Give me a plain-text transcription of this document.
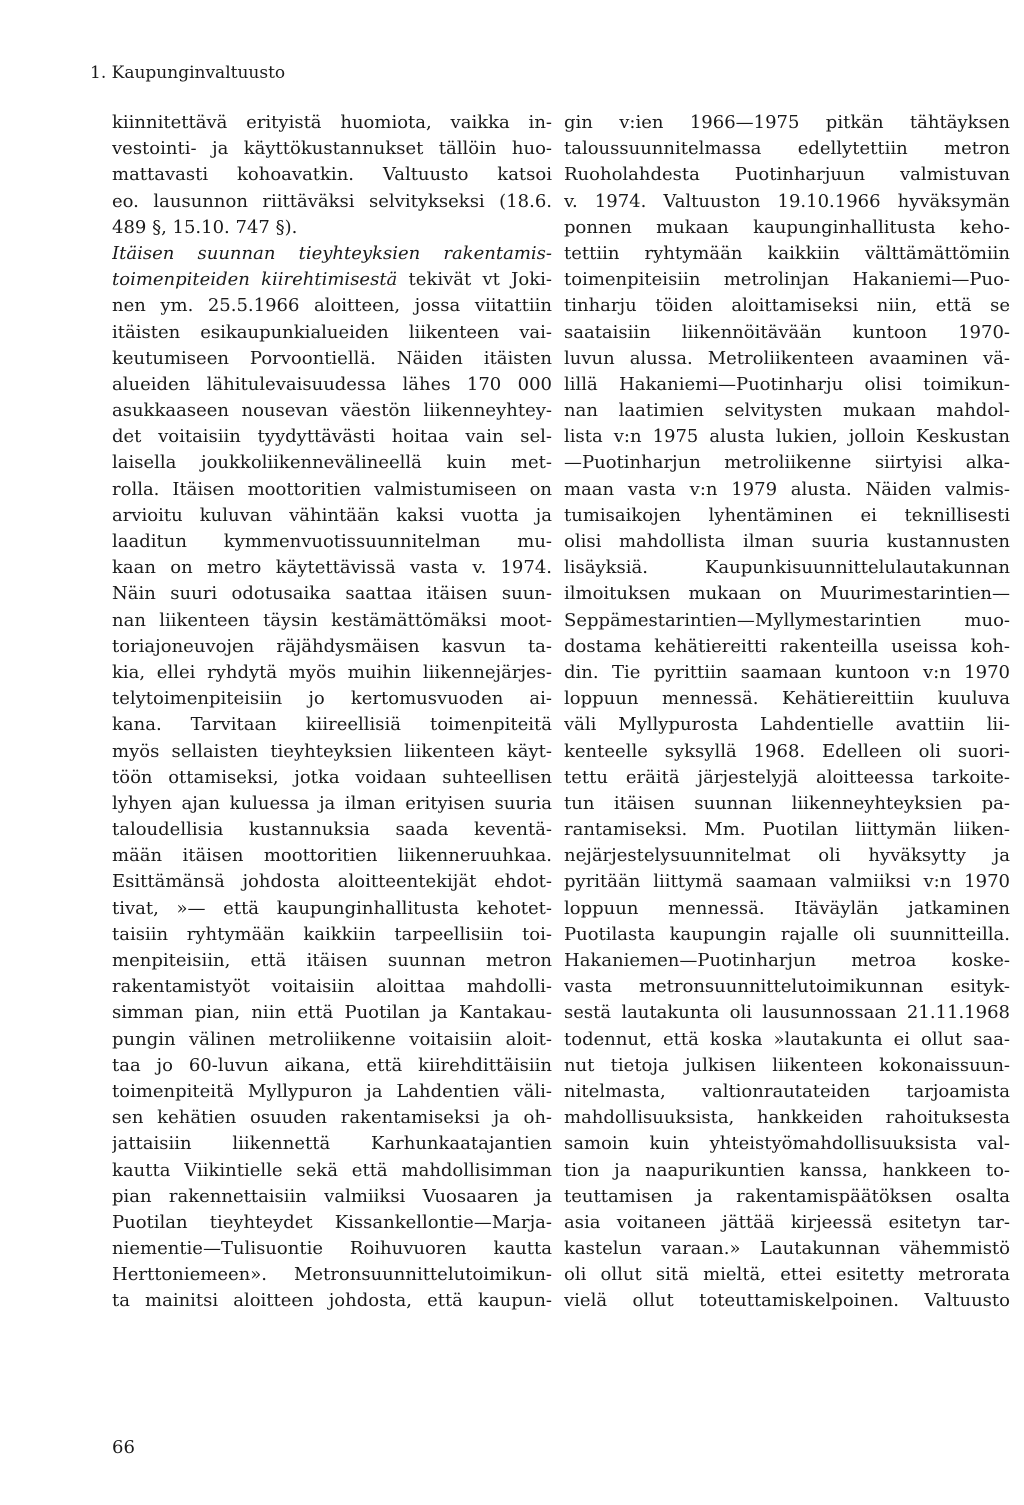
1. Kaupunginvaltuusto
kiinnitettävä erityistä huomiota, vaikka in-
vestointi- ja käyttökustannukset tällöin huo-
mattavasti kohoavatkin. Valtuusto katsoi
eo. lausunnon riittäväksi selvitykseksi (18.6.
489 §, 15.10. 747 §).
Itäisen suunnan tieyhteyksien rakentamis-
toimenpiteiden kiirehtimisestä tekivät vt Joki-
nen ym. 25.5.1966 aloitteen, jossa viitattiin
itäisten esikaupunkialueiden liikenteen vai-
keutumiseen Porvoontiellä. Näiden itäisten
alueiden lähitulevaisuudessa lähes 170 000
asukkaaseen nousevan väestön liikenneyhtey-
det voitaisiin tyydyttävästi hoitaa vain sel-
laisella joukkoliikennevälineellä kuin met-
rolla. Itäisen moottoritien valmistumiseen on
arvioitu kuluvan vähintään kaksi vuotta ja
laaditun kymmenvuotissuunnitelman mu-
kaan on metro käytettävissä vasta v. 1974.
Näin suuri odotusaika saattaa itäisen suun-
nan liikenteen täysin kestämättömäksi moot-
toriajoneuvojen räjähdysmäisen kasvun ta-
kia, ellei ryhdytä myös muihin liikennejärjes-
telytoimenpiteisiin jo kertomusvuoden ai-
kana. Tarvitaan kiireellisiä toimenpiteitä
myös sellaisten tieyhteyksien liikenteen käyt-
töön ottamiseksi, jotka voidaan suhteellisen
lyhyen ajan kuluessa ja ilman erityisen suuria
taloudellisia kustannuksia saada keventä-
mään itäisen moottoritien liikenneruuhkaa.
Esittämänsä johdosta aloitteentekijät ehdot-
tivat, »— että kaupunginhallitusta kehotet-
taisiin ryhtymään kaikkiin tarpeellisiin toi-
menpiteisiin, että itäisen suunnan metron
rakentamistyöt voitaisiin aloittaa mahdolli-
simman pian, niin että Puotilan ja Kantakau-
pungin välinen metroliikenne voitaisiin aloit-
taa jo 60-luvun aikana, että kiirehdittäisiin
toimenpiteitä Myllypuron ja Lahdentien väli-
sen kehätien osuuden rakentamiseksi ja oh-
jattaisiin liikennettä Karhunkaatajantien
kautta Viikintielle sekä että mahdollisimman
pian rakennettaisiin valmiiksi Vuosaaren ja
Puotilan tieyhteydet Kissankellontie—Marja-
niementie—Tulisuontie Roihuvuoren kautta
Herttoniemeen». Metronsuunnittelutoimikun-
ta mainitsi aloitteen johdosta, että kaupun-
gin v:ien 1966—1975 pitkän tähtäyksen
taloussuunnitelmassa edellytettiin metron
Ruoholahdesta Puotinharjuun valmistuvan
v. 1974. Valtuuston 19.10.1966 hyväksymän
ponnen mukaan kaupunginhallitusta keho-
tettiin ryhtymään kaikkiin välttämättömiin
toimenpiteisiin metrolinjan Hakaniemi—Puo-
tinharju töiden aloittamiseksi niin, että se
saataisiin liikennöitävään kuntoon 1970-
luvun alussa. Metroliikenteen avaaminen vä-
lillä Hakaniemi—Puotinharju olisi toimikun-
nan laatimien selvitysten mukaan mahdol-
lista v:n 1975 alusta lukien, jolloin Keskustan
—Puotinharjun metroliikenne siirtyisi alka-
maan vasta v:n 1979 alusta. Näiden valmis-
tumisaikojen lyhentäminen ei teknillisesti
olisi mahdollista ilman suuria kustannusten
lisäyksiä. Kaupunkisuunnittelulautakunnan
ilmoituksen mukaan on Muurimestarintien—
Seppämestarintien—Myllymestarintien muo-
dostama kehätiereitti rakenteilla useissa koh-
din. Tie pyrittiin saamaan kuntoon v:n 1970
loppuun mennessä. Kehätiereittiin kuuluva
väli Myllypurosta Lahdentielle avattiin lii-
kenteelle syksyllä 1968. Edelleen oli suori-
tettu eräitä järjestelyjä aloitteessa tarkoite-
tun itäisen suunnan liikenneyhteyksien pa-
rantamiseksi. Mm. Puotilan liittymän liiken-
nejärjestelysuunnitelmat oli hyväksytty ja
pyritään liittymä saamaan valmiiksi v:n 1970
loppuun mennessä. Itäväylän jatkaminen
Puotilasta kaupungin rajalle oli suunnitteilla.
Hakaniemen—Puotinharjun metroa koske-
vasta metronsuunnittelutoimikunnan esityk-
sestä lautakunta oli lausunnossaan 21.11.1968
todennut, että koska »lautakunta ei ollut saa-
nut tietoja julkisen liikenteen kokonaissuun-
nitelmasta, valtionrautateiden tarjoamista
mahdollisuuksista, hankkeiden rahoituksesta
samoin kuin yhteistyömahdollisuuksista val-
tion ja naapurikuntien kanssa, hankkeen to-
teuttamisen ja rakentamispäätöksen osalta
asia voitaneen jättää kirjeessä esitetyn tar-
kastelun varaan.» Lautakunnan vähemmistö
oli ollut sitä mieltä, ettei esitetty metrorata
vielä ollut toteuttamiskelpoinen. Valtuusto
66
